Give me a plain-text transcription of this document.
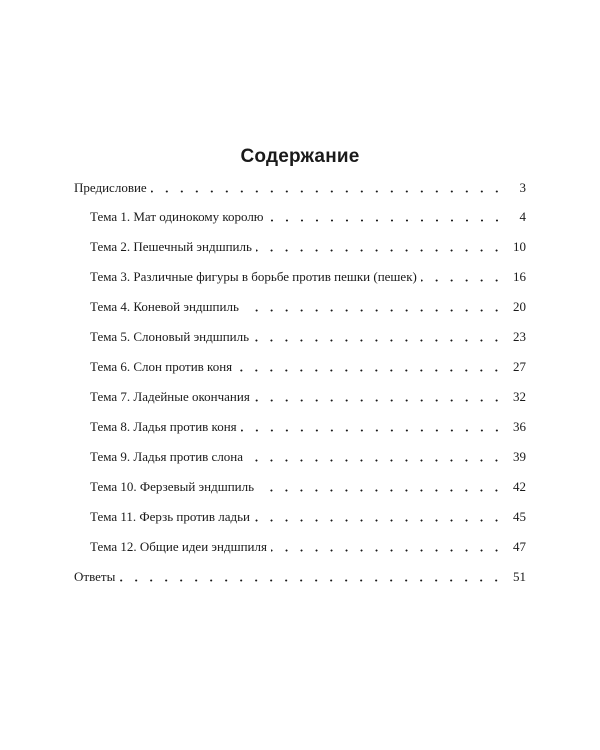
Содержание
Предисловие	3
Тема 1. Мат одинокому королю	4
Тема 2. Пешечный эндшпиль	10
Тема 3. Различные фигуры в борьбе против пешки (пешек)	16
Тема 4. Коневой эндшпиль	20
Тема 5. Слоновый эндшпиль	23
Тема 6. Слон против коня	27
Тема 7. Ладейные окончания	32
Тема 8. Ладья против коня	36
Тема 9. Ладья против слона	39
Тема 10. Ферзевый эндшпиль	42
Тема 11. Ферзь против ладьи	45
Тема 12. Общие идеи эндшпиля	47
Ответы	51
